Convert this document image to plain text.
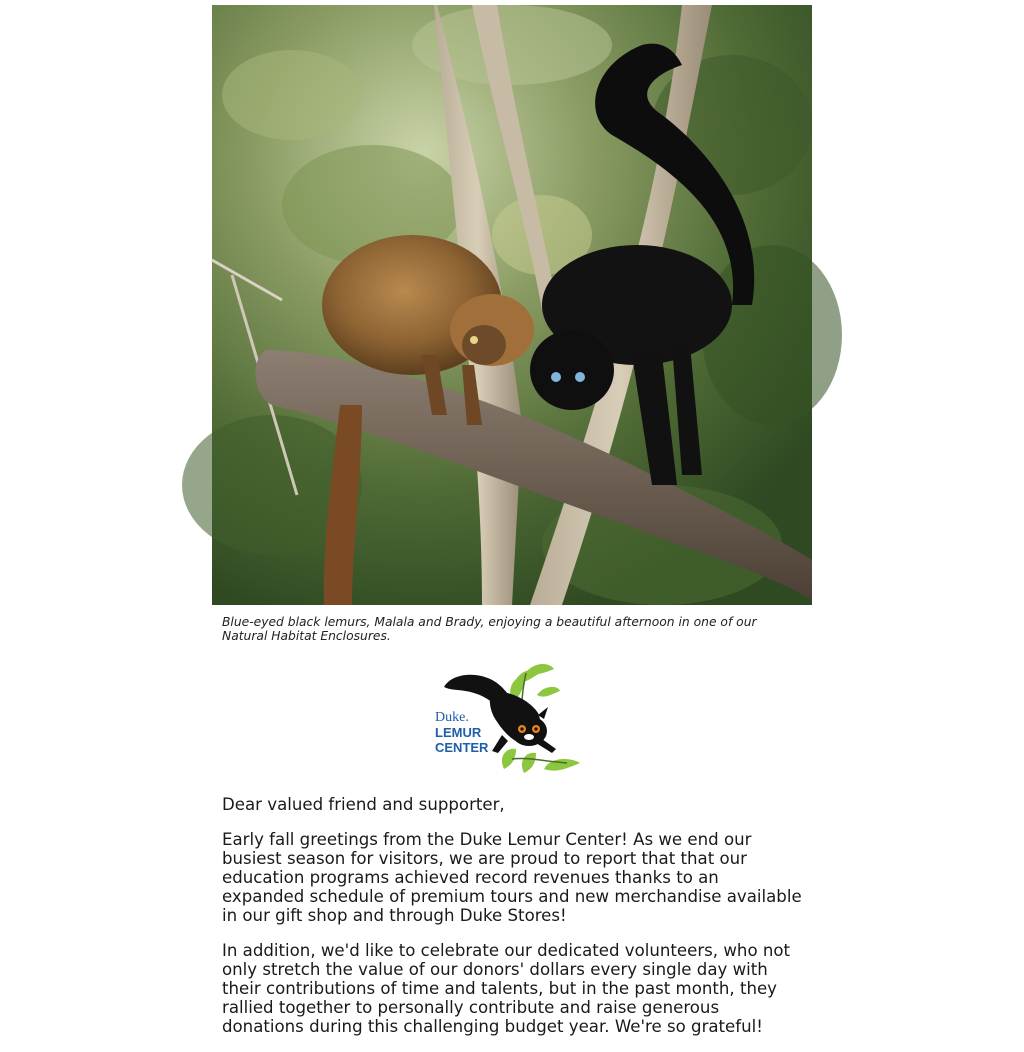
Blue-eyed black lemurs, Malala and Brady, enjoying a beautiful afternoon in one of our Natural Habitat Enclosures.
Duke.
LEMUR
CENTER

Dear valued friend and supporter,

Early fall greetings from the Duke Lemur Center! As we end our busiest season for visitors, we are proud to report that that our education programs achieved record revenues thanks to an expanded schedule of premium tours and new merchandise available in our gift shop and through Duke Stores!

In addition, we'd like to celebrate our dedicated volunteers, who not only stretch the value of our donors' dollars every single day with their contributions of time and talents, but in the past month, they rallied together to personally contribute and raise generous donations during this challenging budget year. We're so grateful!
